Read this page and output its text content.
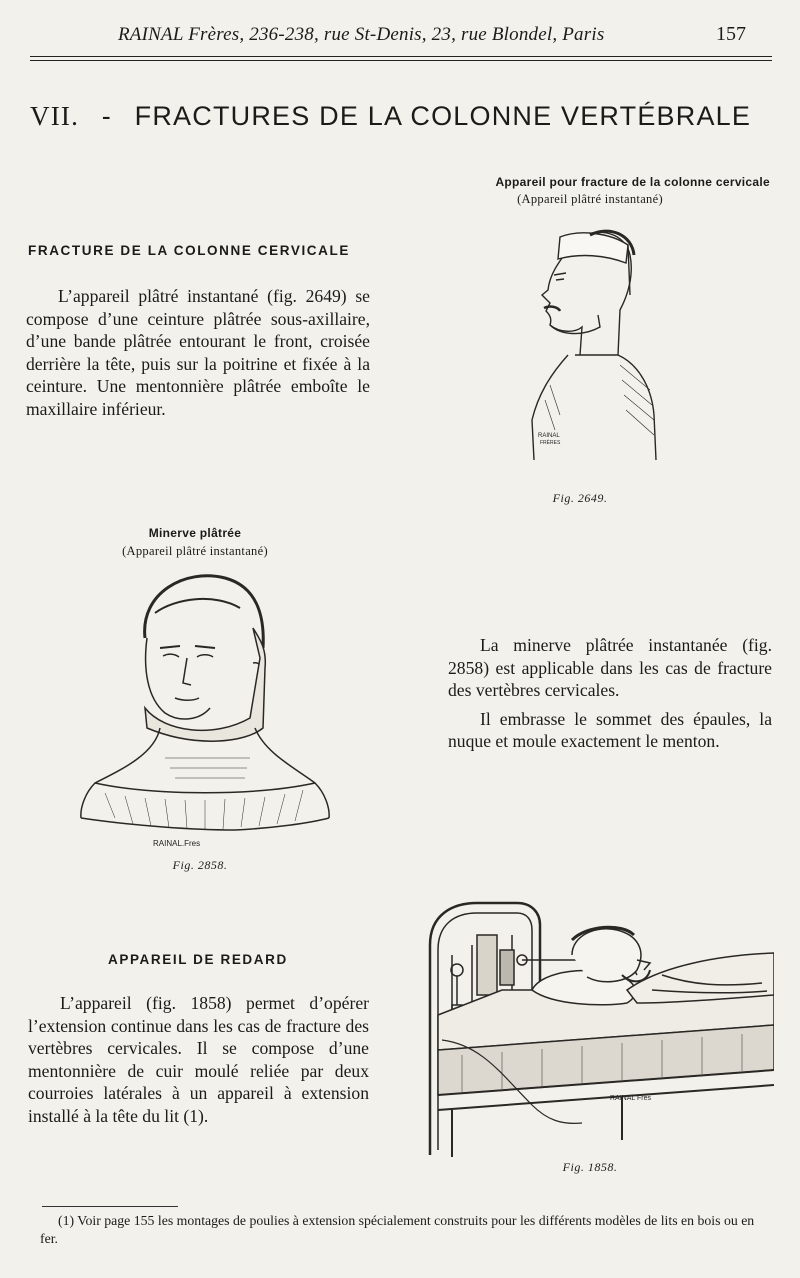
RAINAL Frères, 236-238, rue St-Denis, 23, rue Blondel, Paris	157
VII. - FRACTURES DE LA COLONNE VERTÉBRALE
FRACTURE DE LA COLONNE CERVICALE

L’appareil plâtré instantané (fig. 2649) se compose d’une ceinture plâtrée sous-axillaire, d’une bande plâtrée entourant le front, croisée derrière la tête, puis sur la poitrine et fixée à la ceinture. Une mentonnière plâtrée emboîte le maxillaire inférieur.

Appareil pour fracture de la colonne cervicale
(Appareil plâtré instantané)
RAINAL
FRÈRES
Fig. 2649.
Minerve plâtrée
(Appareil plâtré instantané)
RAINAL.Fres
Fig. 2858.

La minerve plâtrée instantanée (fig. 2858) est applicable dans les cas de fracture des vertèbres cervicales.

Il embrasse le sommet des épaules, la nuque et moule exactement le menton.

APPAREIL DE REDARD

L’appareil (fig. 1858) permet d’opérer l’extension continue dans les cas de fracture des vertèbres cervicales. Il se compose d’une mentonnière de cuir moulé reliée par deux courroies latérales à un appareil à extension installé à la tête du lit (1).

RAINAL Fres
Fig. 1858.
(1) Voir page 155 les montages de poulies à extension spécialement construits pour les différents modèles de lits en bois ou en fer.
